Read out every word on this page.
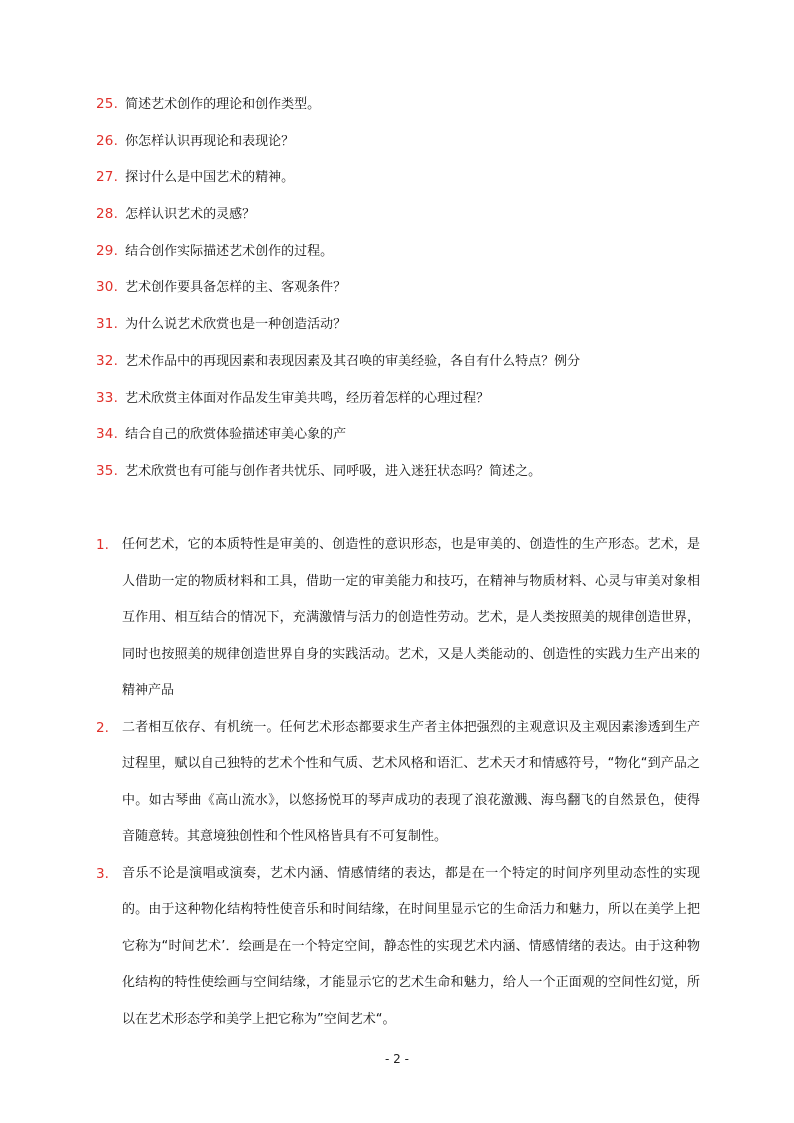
25. 简述艺术创作的理论和创作类型。
26. 你怎样认识再现论和表现论？
27. 探讨什么是中国艺术的精神。
28. 怎样认识艺术的灵感？
29. 结合创作实际描述艺术创作的过程。
30. 艺术创作要具备怎样的主、客观条件？
31. 为什么说艺术欣赏也是一种创造活动？
32. 艺术作品中的再现因素和表现因素及其召唤的审美经验，各自有什么特点？例分
33. 艺术欣赏主体面对作品发生审美共鸣，经历着怎样的心理过程？
34. 结合自己的欣赏体验描述审美心象的产
35. 艺术欣赏也有可能与创作者共忧乐、同呼吸，进入迷狂状态吗？简述之。
1. 任何艺术，它的本质特性是审美的、创造性的意识形态，也是审美的、创造性的生产形态。艺术，是人借助一定的物质材料和工具，借助一定的审美能力和技巧，在精神与物质材料、心灵与审美对象相互作用、相互结合的情况下，充满激情与活力的创造性劳动。艺术，是人类按照美的规律创造世界，同时也按照美的规律创造世界自身的实践活动。艺术，又是人类能动的、创造性的实践力生产出来的精神产品
2. 二者相互依存、有机统一。任何艺术形态都要求生产者主体把强烈的主观意识及主观因素渗透到生产过程里，赋以自己独特的艺术个性和气质、艺术风格和语汇、艺术天才和情感符号，“物化“到产品之中。如古琴曲《高山流水》，以悠扬悦耳的琴声成功的表现了浪花激溅、海鸟翻飞的自然景色，使得音随意转。其意境独创性和个性风格皆具有不可复制性。
3. 音乐不论是演唱或演奏，艺术内涵、情感情绪的表达，都是在一个特定的时间序列里动态性的实现的。由于这种物化结构特性使音乐和时间结缘，在时间里显示它的生命活力和魅力，所以在美学上把它称为“时间艺术’．绘画是在一个特定空间，静态性的实现艺术内涵、情感情绪的表达。由于这种物化结构的特性使绘画与空间结缘，才能显示它的艺术生命和魅力，给人一个正面观的空间性幻觉，所以在艺术形态学和美学上把它称为”空间艺术“。
- 2 -
